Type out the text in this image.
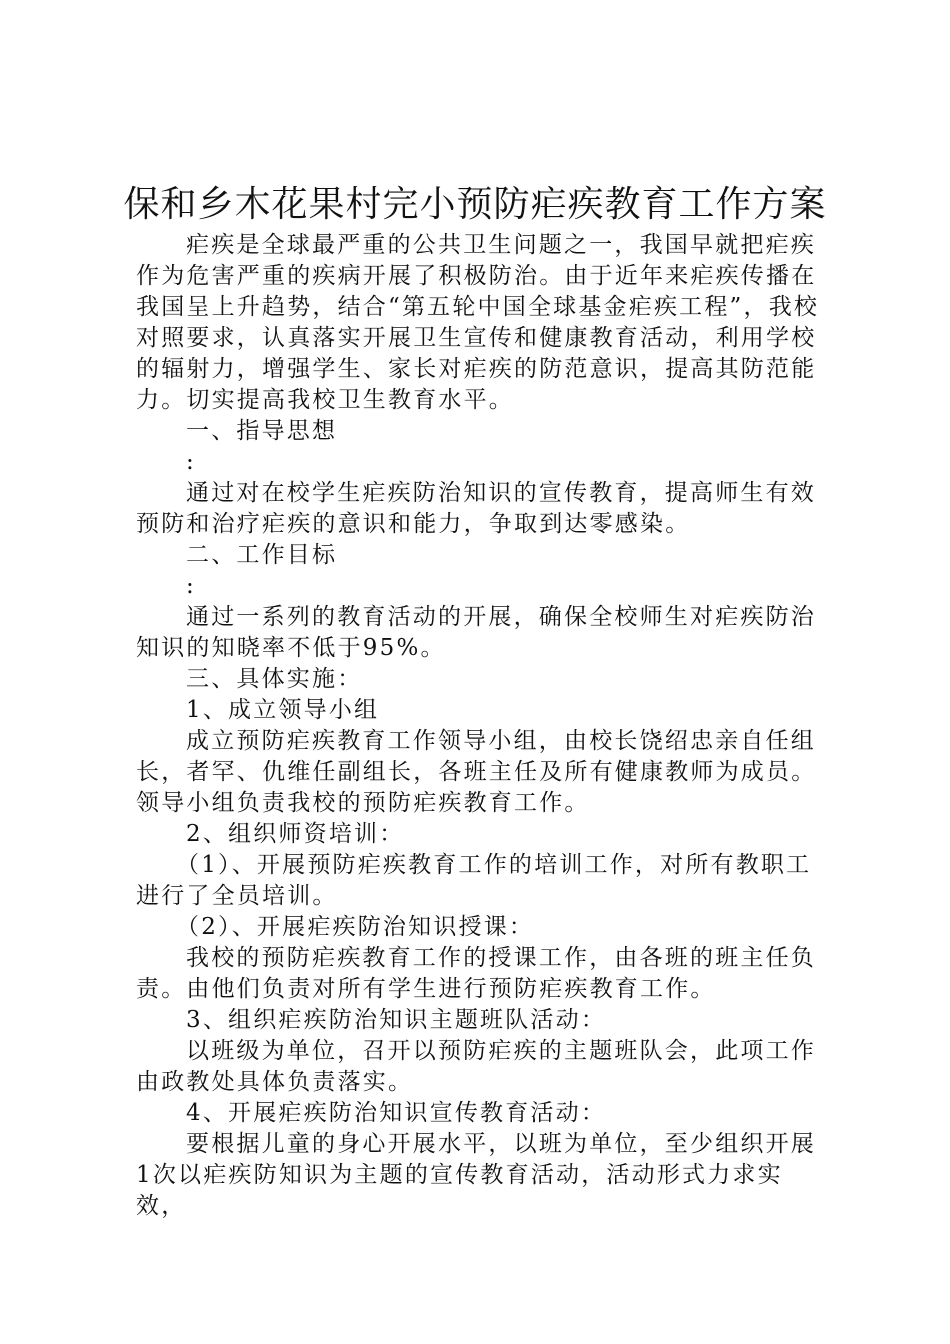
保和乡木花果村完小预防疟疾教育工作方案

疟疾是全球最严重的公共卫生问题之一，我国早就把疟疾作为危害严重的疾病开展了积极防治。由于近年来疟疾传播在我国呈上升趋势，结合“第五轮中国全球基金疟疾工程”，我校对照要求，认真落实开展卫生宣传和健康教育活动，利用学校的辐射力，增强学生、家长对疟疾的防范意识，提高其防范能力。切实提高我校卫生教育水平。

一、指导思想

:

通过对在校学生疟疾防治知识的宣传教育，提高师生有效预防和治疗疟疾的意识和能力，争取到达零感染。

二、工作目标

:

通过一系列的教育活动的开展，确保全校师生对疟疾防治知识的知晓率不低于95%。

三、具体实施：

1、成立领导小组

成立预防疟疾教育工作领导小组，由校长饶绍忠亲自任组长，者罕、仇维任副组长，各班主任及所有健康教师为成员。领导小组负责我校的预防疟疾教育工作。

2、组织师资培训：

（1）、开展预防疟疾教育工作的培训工作，对所有教职工进行了全员培训。

（2）、开展疟疾防治知识授课：

我校的预防疟疾教育工作的授课工作，由各班的班主任负责。由他们负责对所有学生进行预防疟疾教育工作。

3、组织疟疾防治知识主题班队活动：

以班级为单位，召开以预防疟疾的主题班队会，此项工作由政教处具体负责落实。

4、开展疟疾防治知识宣传教育活动：

要根据儿童的身心开展水平，以班为单位，至少组织开展1次以疟疾防知识为主题的宣传教育活动，活动形式力求实效，
